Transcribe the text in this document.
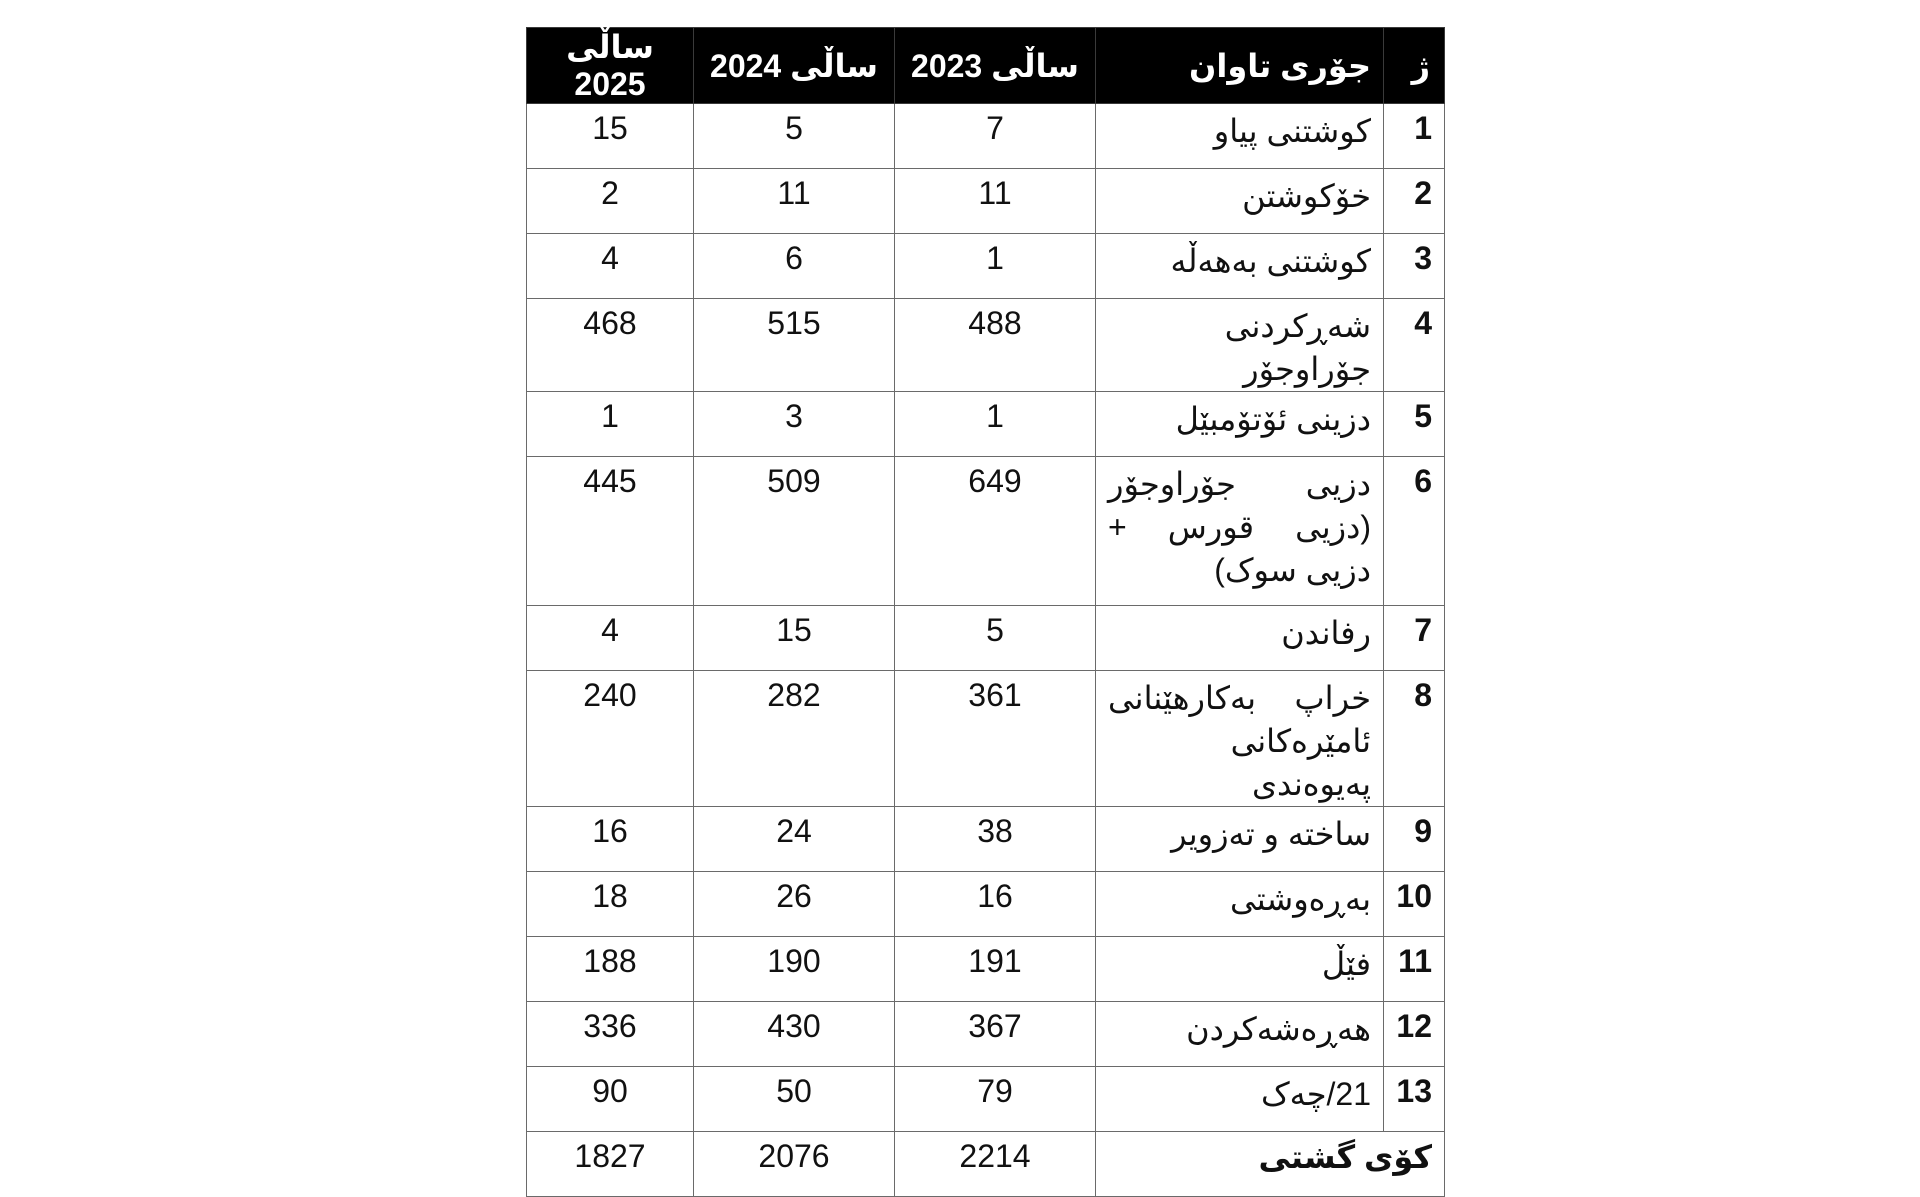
ساڵی 2025	ساڵی 2024	ساڵی 2023	جۆری تاوان	ژ
15	5	7	کوشتنی پیاو	1
2	11	11	خۆکوشتن	2
4	6	1	کوشتنی بەهەڵە	3
468	515	488	شەڕکردنی جۆراوجۆر	4
1	3	1	دزینی ئۆتۆمبێل	5
445	509	649	دزیی جۆراوجۆر (دزیی قورس + دزیی سوک)	6
4	15	5	رفاندن	7
240	282	361	خراپ بەکارهێنانی ئامێرەکانی پەیوەندی	8
16	24	38	ساختە و تەزویر	9
18	26	16	بەڕەوشتی	10
188	190	191	فێڵ	11
336	430	367	هەڕەشەکردن	12
90	50	79	21/چەک	13
1827	2076	2214	کۆی گشتی	
